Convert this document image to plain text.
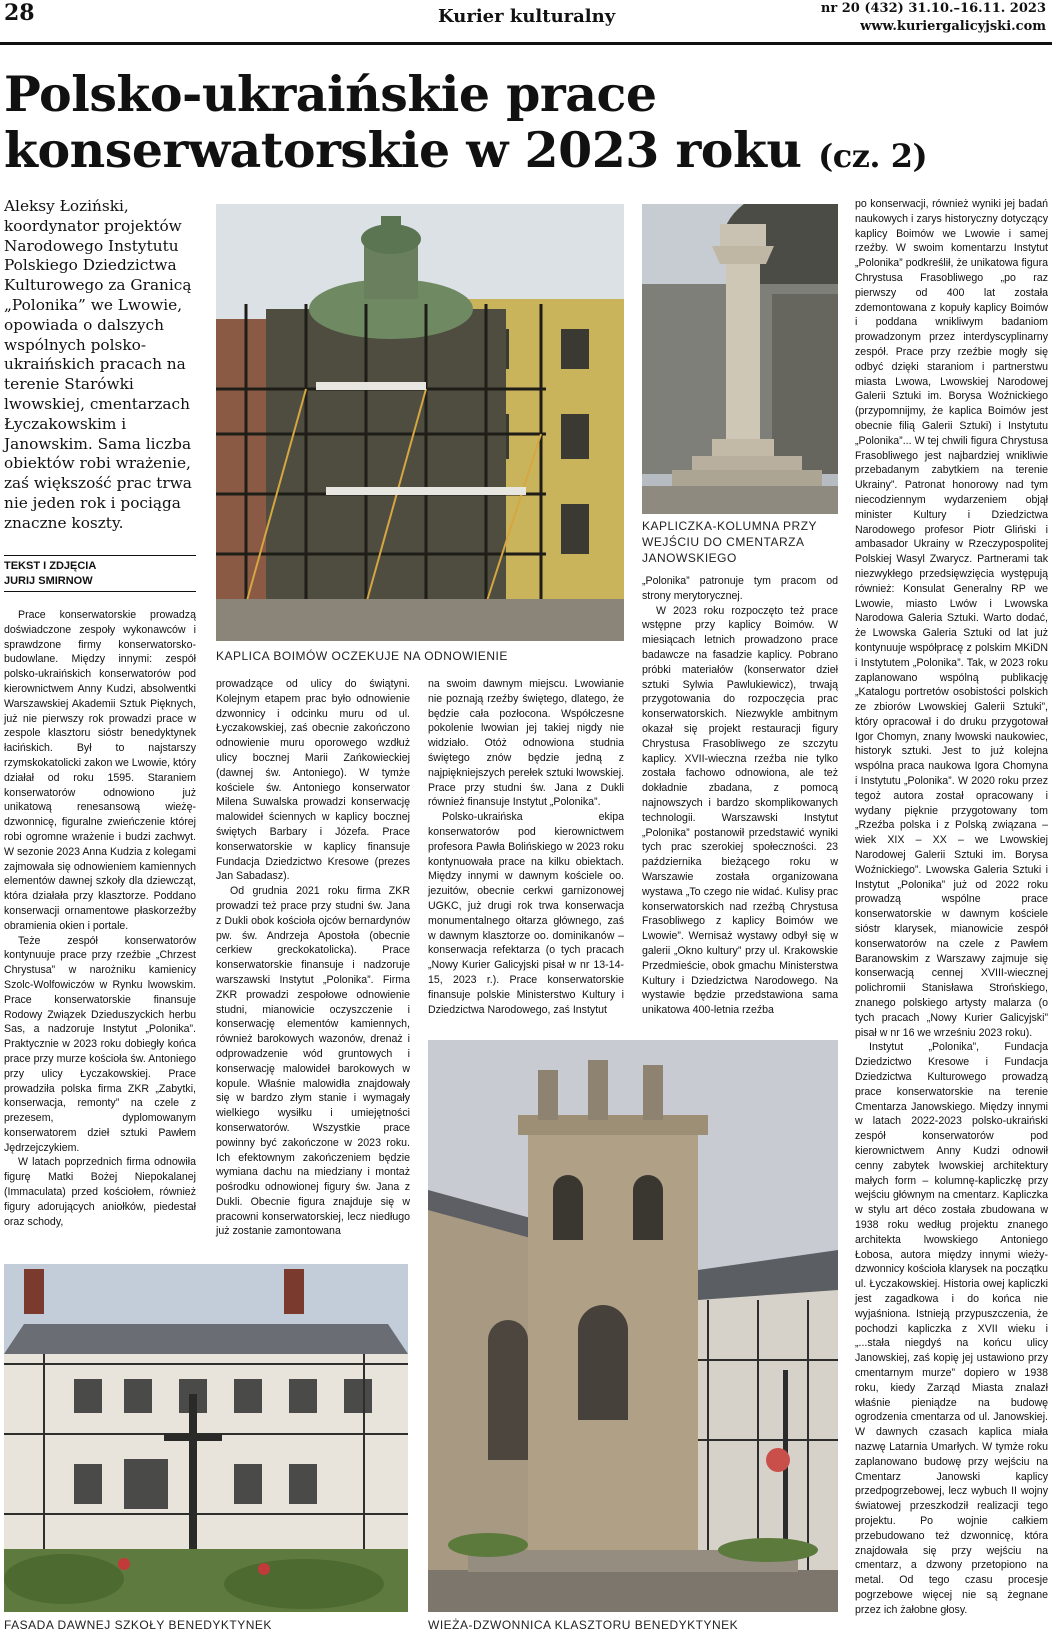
28	Kurier kulturalny	nr 20 (432) 31.10.–16.11. 2023
www.kuriergalicyjski.com
Polsko-ukraińskie prace konserwatorskie w 2023 roku (cz. 2)
Aleksy Łoziński, koordynator projektów Narodowego Instytutu Polskiego Dziedzictwa Kulturowego za Granicą „Polonika” we Lwowie, opowiada o dalszych wspólnych polsko-ukraińskich pracach na terenie Starówki lwowskiej, cmentarzach Łyczakowskim i Janowskim. Sama liczba obiektów robi wrażenie, zaś większość prac trwa nie jeden rok i pociąga znaczne koszty.
TEKST I ZDJĘCIA
JURIJ SMIRNOW

Prace konserwatorskie prowadzą doświadczone zespoły wykonawców i sprawdzone firmy konserwatorsko-budowlane. Między innymi: zespół polsko-ukraińskich konserwatorów pod kierownictwem Anny Kudzi, absolwentki Warszawskiej Akademii Sztuk Pięknych, już nie pierwszy rok prowadzi prace w zespole klasztoru sióstr benedyktynek łacińskich. Był to najstarszy rzymskokatolicki zakon we Lwowie, który działał od roku 1595. Staraniem konserwatorów odnowiono już unikatową renesansową wieżę-dzwonnicę, figuralne zwieńczenie której robi ogromne wrażenie i budzi zachwyt. W sezonie 2023 Anna Kudzia z kolegami zajmowała się odnowieniem kamiennych elementów dawnej szkoły dla dziewcząt, która działała przy klasztorze. Poddano konserwacji ornamentowe płaskorzeźby obramienia okien i portale.

Teże zespół konserwatorów kontynuuje prace przy rzeźbie „Chrzest Chrystusa” w narożniku kamienicy Szolc-Wolfowiczów w Rynku lwowskim. Prace konserwatorskie finansuje Rodowy Związek Dzieduszyckich herbu Sas, a nadzoruje Instytut „Polonika”. Praktycznie w 2023 roku dobiegły końca prace przy murze kościoła św. Antoniego przy ulicy Łyczakowskiej. Prace prowadziła polska firma ZKR „Zabytki, konserwacja, remonty” na czele z prezesem, dyplomowanym konserwatorem dzieł sztuki Pawłem Jędrzejczykiem.

W latach poprzednich firma odnowiła figurę Matki Bożej Niepokalanej (Immaculata) przed kościołem, również figury adorujących aniołków, piedestał oraz schody,

KAPLICA BOIMÓW OCZEKUJE NA ODNOWIENIE

prowadzące od ulicy do świątyni. Kolejnym etapem prac było odnowienie dzwonnicy i odcinku muru od ul. Łyczakowskiej, zaś obecnie zakończono odnowienie muru oporowego wzdłuż ulicy bocznej Marii Zańkowieckiej (dawnej św. Antoniego). W tymże kościele św. Antoniego konserwator Milena Suwalska prowadzi konserwację malowideł ściennych w kaplicy bocznej świętych Barbary i Józefa. Prace konserwatorskie w kaplicy finansuje Fundacja Dziedzictwo Kresowe (prezes Jan Sabadasz).

Od grudnia 2021 roku firma ZKR prowadzi też prace przy studni św. Jana z Dukli obok kościoła ojców bernardynów pw. św. Andrzeja Apostoła (obecnie cerkiew greckokatolicka). Prace konserwatorskie finansuje i nadzoruje warszawski Instytut „Polonika”. Firma ZKR prowadzi zespołowe odnowienie studni, mianowicie oczyszczenie i konserwację elementów kamiennych, również barokowych wazonów, drenaż i odprowadzenie wód gruntowych i konserwację malowideł barokowych w kopule. Właśnie malowidła znajdowały się w bardzo złym stanie i wymagały wielkiego wysiłku i umiejętności konserwatorów. Wszystkie prace powinny być zakończone w 2023 roku. Ich efektownym zakończeniem będzie wymiana dachu na miedziany i montaż pośrodku odnowionej figury św. Jana z Dukli. Obecnie figura znajduje się w pracowni konserwatorskiej, lecz niedługo już zostanie zamontowana

na swoim dawnym miejscu. Lwowianie nie poznają rzeźby świętego, dlatego, że będzie cała pozłocona. Współczesne pokolenie lwowian jej takiej nigdy nie widziało. Otóż odnowiona studnia świętego znów będzie jedną z najpiękniejszych perełek sztuki lwowskiej. Prace przy studni św. Jana z Dukli również finansuje Instytut „Polonika”.

Polsko-ukraińska ekipa konserwatorów pod kierownictwem profesora Pawła Bolińskiego w 2023 roku kontynuowała prace na kilku obiektach. Między innymi w dawnym kościele oo. jezuitów, obecnie cerkwi garnizonowej UGKC, już drugi rok trwa konserwacja monumentalnego ołtarza głównego, zaś w dawnym klasztorze oo. dominikanów – konserwacja refektarza (o tych pracach „Nowy Kurier Galicyjski pisał w nr 13-14-15, 2023 r.). Prace konserwatorskie finansuje polskie Ministerstwo Kultury i Dziedzictwa Narodowego, zaś Instytut

KAPLICZKA-KOLUMNA PRZY WEJŚCIU DO CMENTARZA JANOWSKIEGO

„Polonika” patronuje tym pracom od strony merytorycznej.

W 2023 roku rozpoczęto też prace wstępne przy kaplicy Boimów. W miesiącach letnich prowadzono prace badawcze na fasadzie kaplicy. Pobrano próbki materiałów (konserwator dzieł sztuki Sylwia Pawlukiewicz), trwają przygotowania do rozpoczęcia prac konserwatorskich. Niezwykle ambitnym okazał się projekt restauracji figury Chrystusa Frasobliwego ze szczytu kaplicy. XVII-wieczna rzeźba nie tylko została fachowo odnowiona, ale też dokładnie zbadana, z pomocą najnowszych i bardzo skomplikowanych technologii. Warszawski Instytut „Polonika” postanowił przedstawić wyniki tych prac szerokiej społeczności. 23 października bieżącego roku w Warszawie została organizowana wystawa „To czego nie widać. Kulisy prac konserwatorskich nad rzeźbą Chrystusa Frasobliwego z kaplicy Boimów we Lwowie”. Wernisaż wystawy odbył się w galerii „Okno kultury” przy ul. Krakowskie Przedmieście, obok gmachu Ministerstwa Kultury i Dziedzictwa Narodowego. Na wystawie będzie przedstawiona sama unikatowa 400-letnia rzeźba

po konserwacji, również wyniki jej badań naukowych i zarys historyczny dotyczący kaplicy Boimów we Lwowie i samej rzeźby. W swoim komentarzu Instytut „Polonika” podkreślił, że unikatowa figura Chrystusa Frasobliwego „po raz pierwszy od 400 lat została zdemontowana z kopuły kaplicy Boimów i poddana wnikliwym badaniom prowadzonym przez interdyscyplinarny zespół. Prace przy rzeźbie mogły się odbyć dzięki staraniom i partnerstwu miasta Lwowa, Lwowskiej Narodowej Galerii Sztuki im. Borysa Woźnickiego (przypomnijmy, że kaplica Boimów jest obecnie filią Galerii Sztuki) i Instytutu „Polonika”... W tej chwili figura Chrystusa Frasobliwego jest najbardziej wnikliwie przebadanym zabytkiem na terenie Ukrainy”. Patronat honorowy nad tym niecodziennym wydarzeniem objął minister Kultury i Dziedzictwa Narodowego profesor Piotr Gliński i ambasador Ukrainy w Rzeczypospolitej Polskiej Wasyl Zwarycz. Partnerami tak niezwykłego przedsięwzięcia występują również: Konsulat Generalny RP we Lwowie, miasto Lwów i Lwowska Narodowa Galeria Sztuki. Warto dodać, że Lwowska Galeria Sztuki od lat już kontynuuje współpracę z polskim MKiDN i Instytutem „Polonika”. Tak, w 2023 roku zaplanowano wspólną publikację „Katalogu portretów osobistości polskich ze zbiorów Lwowskiej Galerii Sztuki”, który opracował i do druku przygotował Igor Chomyn, znany lwowski naukowiec, historyk sztuki. Jest to już kolejna wspólna praca naukowa Igora Chomyna i Instytutu „Polonika”. W 2020 roku przez tegoż autora został opracowany i wydany pięknie przygotowany tom „Rzeźba polska i z Polską związana – wiek XIX – XX – we Lwowskiej Narodowej Galerii Sztuki im. Borysa Woźnickiego”. Lwowska Galeria Sztuki i Instytut „Polonika” już od 2022 roku prowadzą wspólne prace konserwatorskie w dawnym kościele sióstr klarysek, mianowicie zespół konserwatorów na czele z Pawłem Baranowskim z Warszawy zajmuje się konserwacją cennej XVIII-wiecznej polichromii Stanisława Strońskiego, znanego polskiego artysty malarza (o tych pracach „Nowy Kurier Galicyjski” pisał w nr 16 we wrześniu 2023 roku).

Instytut „Polonika”, Fundacja Dziedzictwo Kresowe i Fundacja Dziedzictwa Kulturowego prowadzą prace konserwatorskie na terenie Cmentarza Janowskiego. Między innymi w latach 2022-2023 polsko-ukraiński zespół konserwatorów pod kierownictwem Anny Kudzi odnowił cenny zabytek lwowskiej architektury małych form – kolumnę-kapliczkę przy wejściu głównym na cmentarz. Kapliczka w stylu art déco została zbudowana w 1938 roku według projektu znanego architekta lwowskiego Antoniego Łobosa, autora między innymi wieży-dzwonnicy kościoła klarysek na początku ul. Łyczakowskiej. Historia owej kapliczki jest zagadkowa i do końca nie wyjaśniona. Istnieją przypuszczenia, że pochodzi kapliczka z XVII wieku i „...stała niegdyś na końcu ulicy Janowskiej, zaś kopię jej ustawiono przy cmentarnym murze” dopiero w 1938 roku, kiedy Zarząd Miasta znalazł właśnie pieniądze na budowę ogrodzenia cmentarza od ul. Janowskiej. W dawnych czasach kaplica miała nazwę Latarnia Umarłych. W tymże roku zaplanowano budowę przy wejściu na Cmentarz Janowski kaplicy przedpogrzebowej, lecz wybuch II wojny światowej przeszkodził realizacji tego projektu. Po wojnie całkiem przebudowano też dzwonnicę, która znajdowała się przy wejściu na cmentarz, a dzwony przetopiono na metal. Od tego czasu procesje pogrzebowe więcej nie są żegnane przez ich żałobne głosy.

FASADA DAWNEJ SZKOŁY BENEDYKTYNEK	WIEŻA-DZWONNICA KLASZTORU BENEDYKTYNEK
